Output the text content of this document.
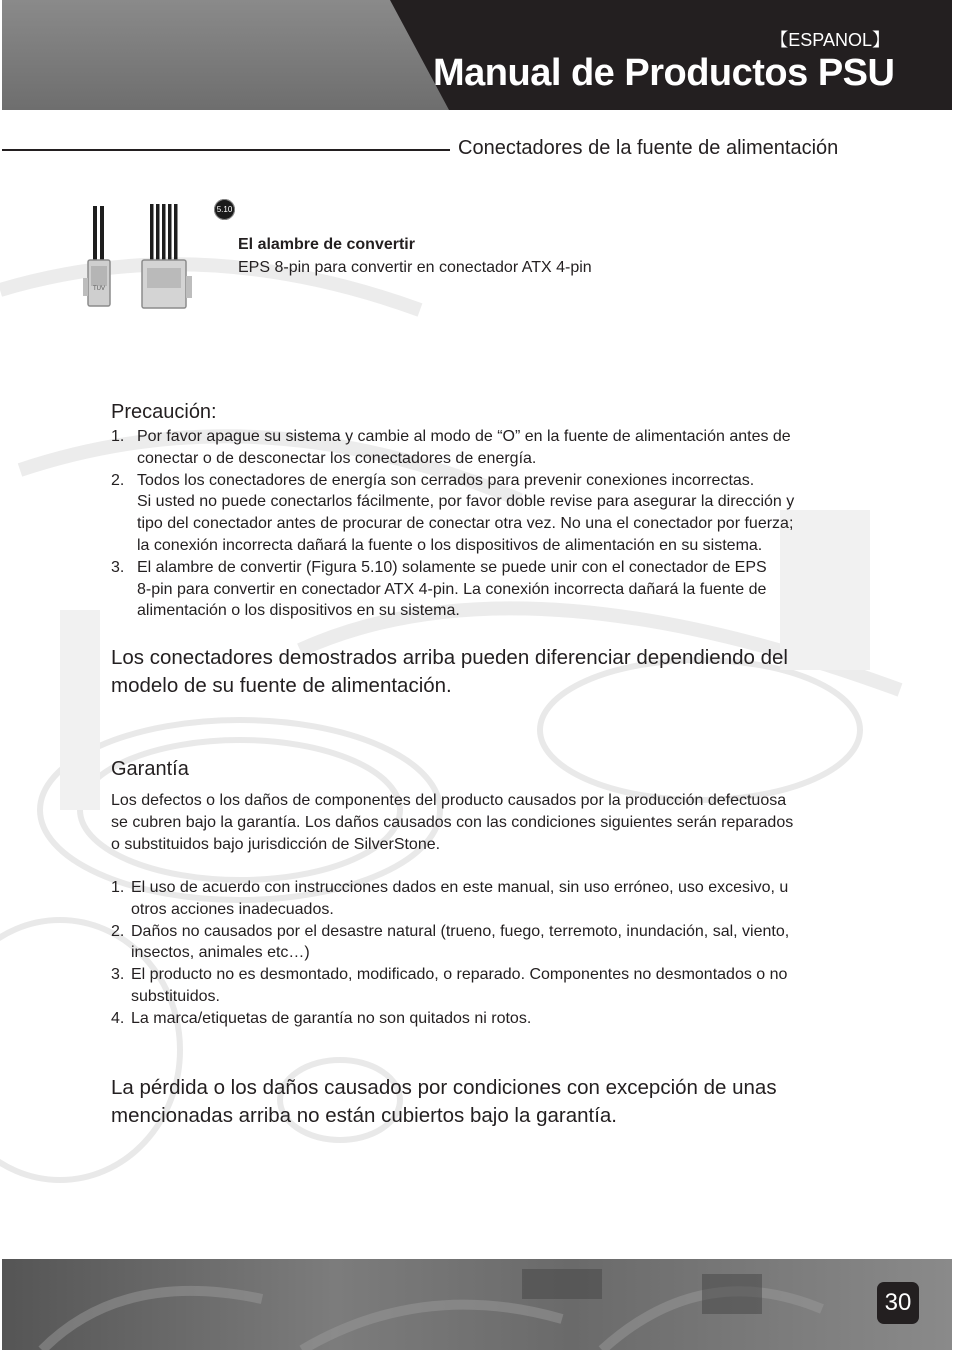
【ESPANOL】
Manual de Productos PSU
Conectadores de la fuente de alimentación
TUV
5.10
El alambre de convertir
EPS 8-pin para convertir en conectador ATX 4-pin
Precaución:
1. Por favor apague su sistema y cambie al modo de “O” en la fuente de alimentación antes de
conectar o de desconectar los conectadores de energía.
2. Todos los conectadores de energía son cerrados para prevenir conexiones incorrectas.
Si usted no puede conectarlos fácilmente, por favor doble revise para asegurar la dirección y
tipo del conectador antes de procurar de conectar otra vez. No una el conectador por fuerza;
la conexión incorrecta dañará la fuente o los dispositivos de alimentación en su sistema.
3. El alambre de convertir (Figura 5.10) solamente se puede unir con el conectador de EPS
8-pin para convertir en conectador ATX 4-pin. La conexión incorrecta dañará la fuente de
alimentación o los dispositivos en su sistema.
Los conectadores demostrados arriba pueden diferenciar dependiendo del
modelo de su fuente de alimentación.
Garantía
Los defectos o los daños de componentes del producto causados por la producción defectuosa
se cubren bajo la garantía. Los daños causados con las condiciones siguientes serán reparados
o substituidos bajo jurisdicción de SilverStone.
1. El uso de acuerdo con instrucciones dados en este manual, sin uso erróneo, uso excesivo, u
otros acciones inadecuados.
2. Daños no causados por el desastre natural (trueno, fuego, terremoto, inundación, sal, viento,
insectos, animales etc…)
3. El producto no es desmontado, modificado, o reparado. Componentes no desmontados o no
substituidos.
4. La marca/etiquetas de garantía no son quitados ni rotos.
La pérdida o los daños causados por condiciones con excepción de unas
mencionadas arriba no están cubiertos bajo la garantía.
30
